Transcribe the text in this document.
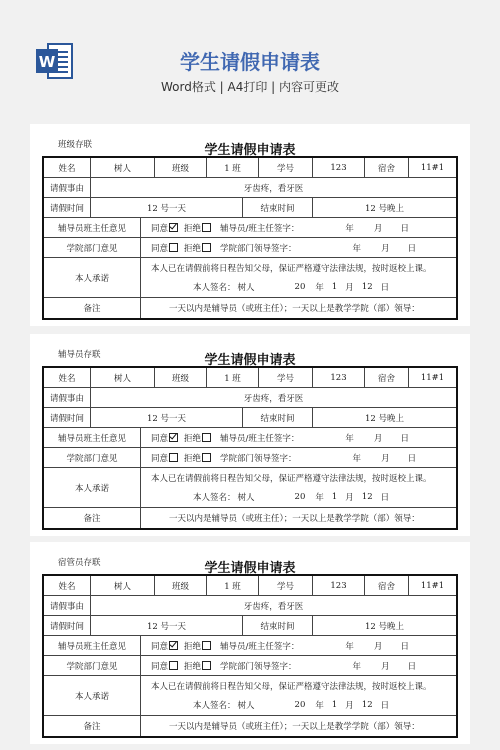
W	学生请假申请表
Word格式 | A4打印 | 内容可更改
班级存联	学生请假申请表
姓名	树人	班级	1 班	学号	123	宿舍	11#1
请假事由	牙齿疼，看牙医
请假时间	12 号一天	结束时间	12 号晚上
辅导员班主任意见	同意	拒绝	辅导员/班主任签字：	年 月 日
学院部门意见	同意	拒绝	学院部门领导签字：	年 月 日
本人承诺
本人已在请假前将日程告知父母，保证严格遵守法律法规，按时返校上课。
本人签名： 树人	20 年 1 月 12 日
备注	一天以内是辅导员（或班主任）；一天以上是教学学院（部）领导：
辅导员存联	学生请假申请表
姓名	树人	班级	1 班	学号	123	宿舍	11#1
请假事由	牙齿疼，看牙医
请假时间	12 号一天	结束时间	12 号晚上
辅导员班主任意见	同意	拒绝	辅导员/班主任签字：	年 月 日
学院部门意见	同意	拒绝	学院部门领导签字：	年 月 日
本人承诺
本人已在请假前将日程告知父母，保证严格遵守法律法规，按时返校上课。
本人签名： 树人	20 年 1 月 12 日
备注	一天以内是辅导员（或班主任）；一天以上是教学学院（部）领导：
宿管员存联	学生请假申请表
姓名	树人	班级	1 班	学号	123	宿舍	11#1
请假事由	牙齿疼，看牙医
请假时间	12 号一天	结束时间	12 号晚上
辅导员班主任意见	同意	拒绝	辅导员/班主任签字：	年 月 日
学院部门意见	同意	拒绝	学院部门领导签字：	年 月 日
本人承诺
本人已在请假前将日程告知父母，保证严格遵守法律法规，按时返校上课。
本人签名： 树人	20 年 1 月 12 日
备注	一天以内是辅导员（或班主任）；一天以上是教学学院（部）领导：
